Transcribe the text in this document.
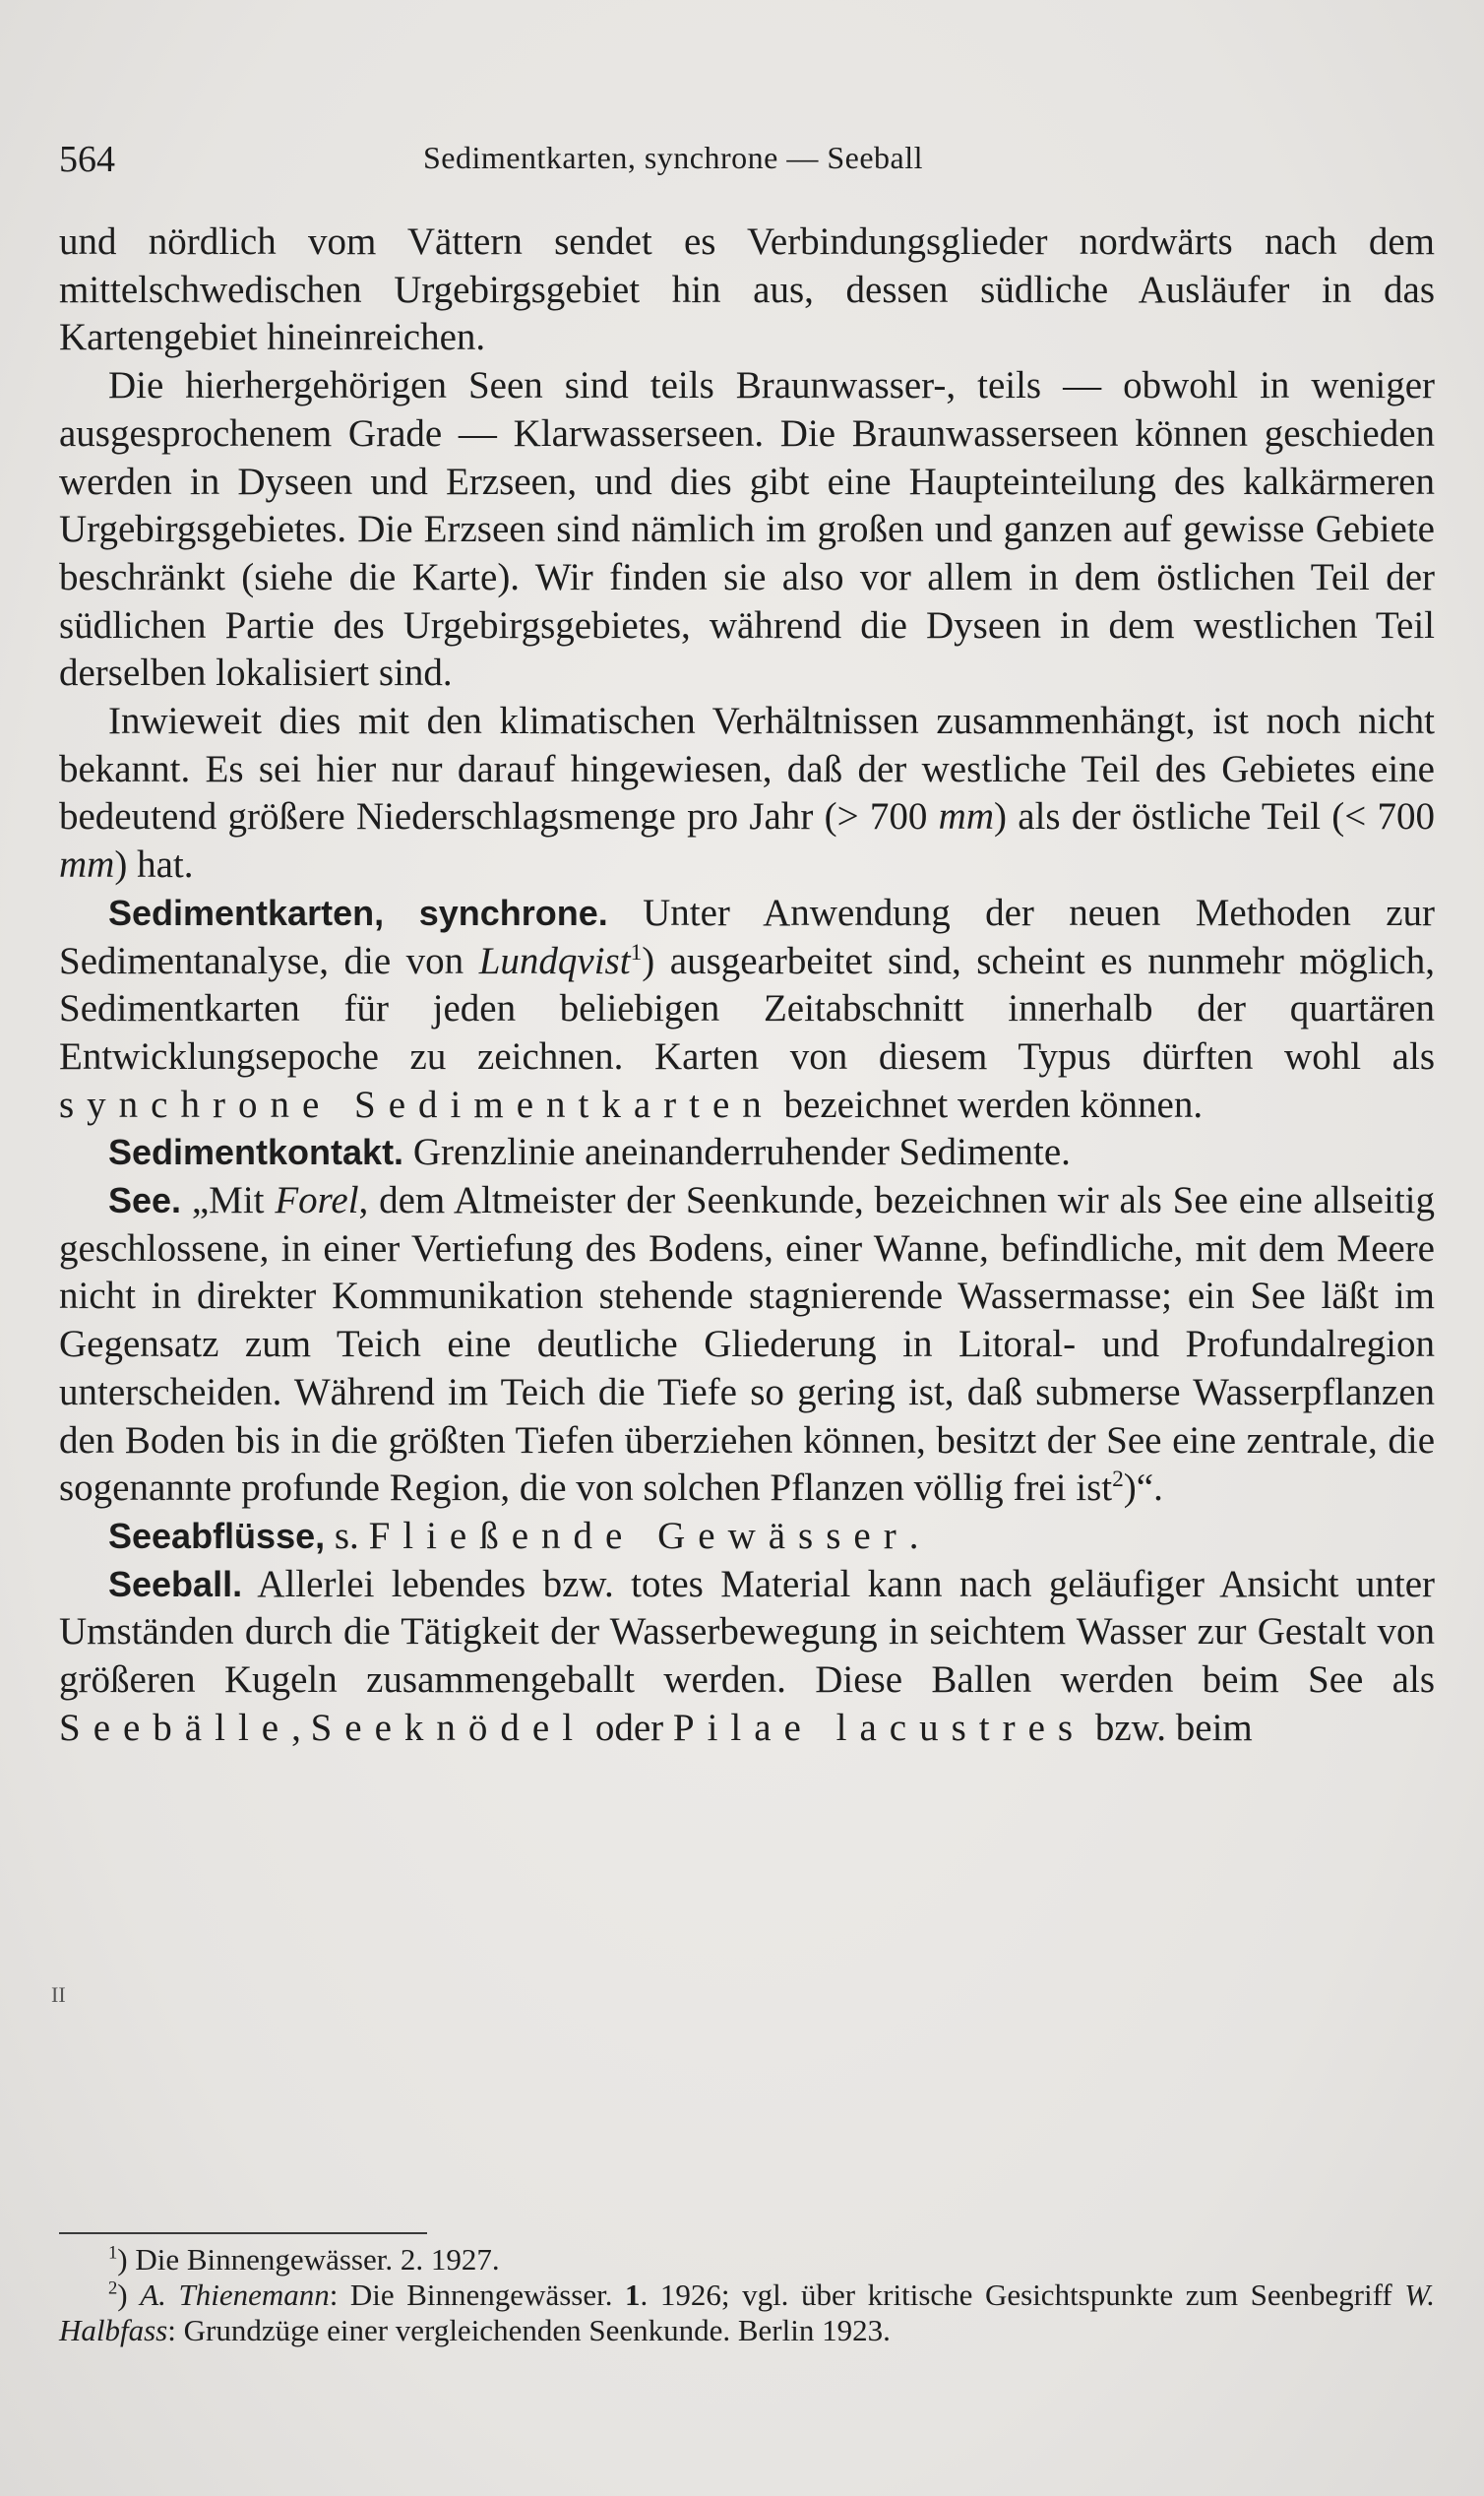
564	Sedimentkarten, synchrone — Seeball

und nördlich vom Vättern sendet es Verbindungsglieder nordwärts nach dem mittelschwedischen Urgebirgsgebiet hin aus, dessen südliche Ausläufer in das Kartengebiet hineinreichen.

Die hierhergehörigen Seen sind teils Braunwasser-, teils — obwohl in weniger ausgesprochenem Grade — Klarwasserseen. Die Braunwasserseen können geschieden werden in Dyseen und Erzseen, und dies gibt eine Haupteinteilung des kalkärmeren Urgebirgsgebietes. Die Erzseen sind nämlich im großen und ganzen auf gewisse Gebiete beschränkt (siehe die Karte). Wir finden sie also vor allem in dem östlichen Teil der südlichen Partie des Urgebirgsgebietes, während die Dyseen in dem westlichen Teil derselben lokalisiert sind.

Inwieweit dies mit den klimatischen Verhältnissen zusammenhängt, ist noch nicht bekannt. Es sei hier nur darauf hingewiesen, daß der westliche Teil des Gebietes eine bedeutend größere Niederschlagsmenge pro Jahr (> 700 mm) als der östliche Teil (< 700 mm) hat.

Sedimentkarten, synchrone. Unter Anwendung der neuen Methoden zur Sedimentanalyse, die von Lundqvist$^1$) ausgearbeitet sind, scheint es nunmehr möglich, Sedimentkarten für jeden beliebigen Zeitabschnitt innerhalb der quartären Entwicklungsepoche zu zeichnen. Karten von diesem Typus dürften wohl als synchrone Sedimentkarten bezeichnet werden können.

Sedimentkontakt. Grenzlinie aneinanderruhender Sedimente.

See. „Mit Forel, dem Altmeister der Seenkunde, bezeichnen wir als See eine allseitig geschlossene, in einer Vertiefung des Bodens, einer Wanne, befindliche, mit dem Meere nicht in direkter Kommunikation stehende stagnierende Wassermasse; ein See läßt im Gegensatz zum Teich eine deutliche Gliederung in Litoral- und Profundalregion unterscheiden. Während im Teich die Tiefe so gering ist, daß submerse Wasserpflanzen den Boden bis in die größten Tiefen überziehen können, besitzt der See eine zentrale, die sogenannte profunde Region, die von solchen Pflanzen völlig frei ist$^2$)“.

Seeabflüsse, s. Fließende Gewässer.

Seeball. Allerlei lebendes bzw. totes Material kann nach geläufiger Ansicht unter Umständen durch die Tätigkeit der Wasserbewegung in seichtem Wasser zur Gestalt von größeren Kugeln zusammengeballt werden. Diese Ballen werden beim See als Seebälle, Seeknödel oder Pilae lacustres bzw. beim

II

$^1$) Die Binnengewässer. 2. 1927.

$^2$) A. Thienemann: Die Binnengewässer. 1. 1926; vgl. über kritische Gesichtspunkte zum Seenbegriff W. Halbfass: Grundzüge einer vergleichenden Seenkunde. Berlin 1923.
